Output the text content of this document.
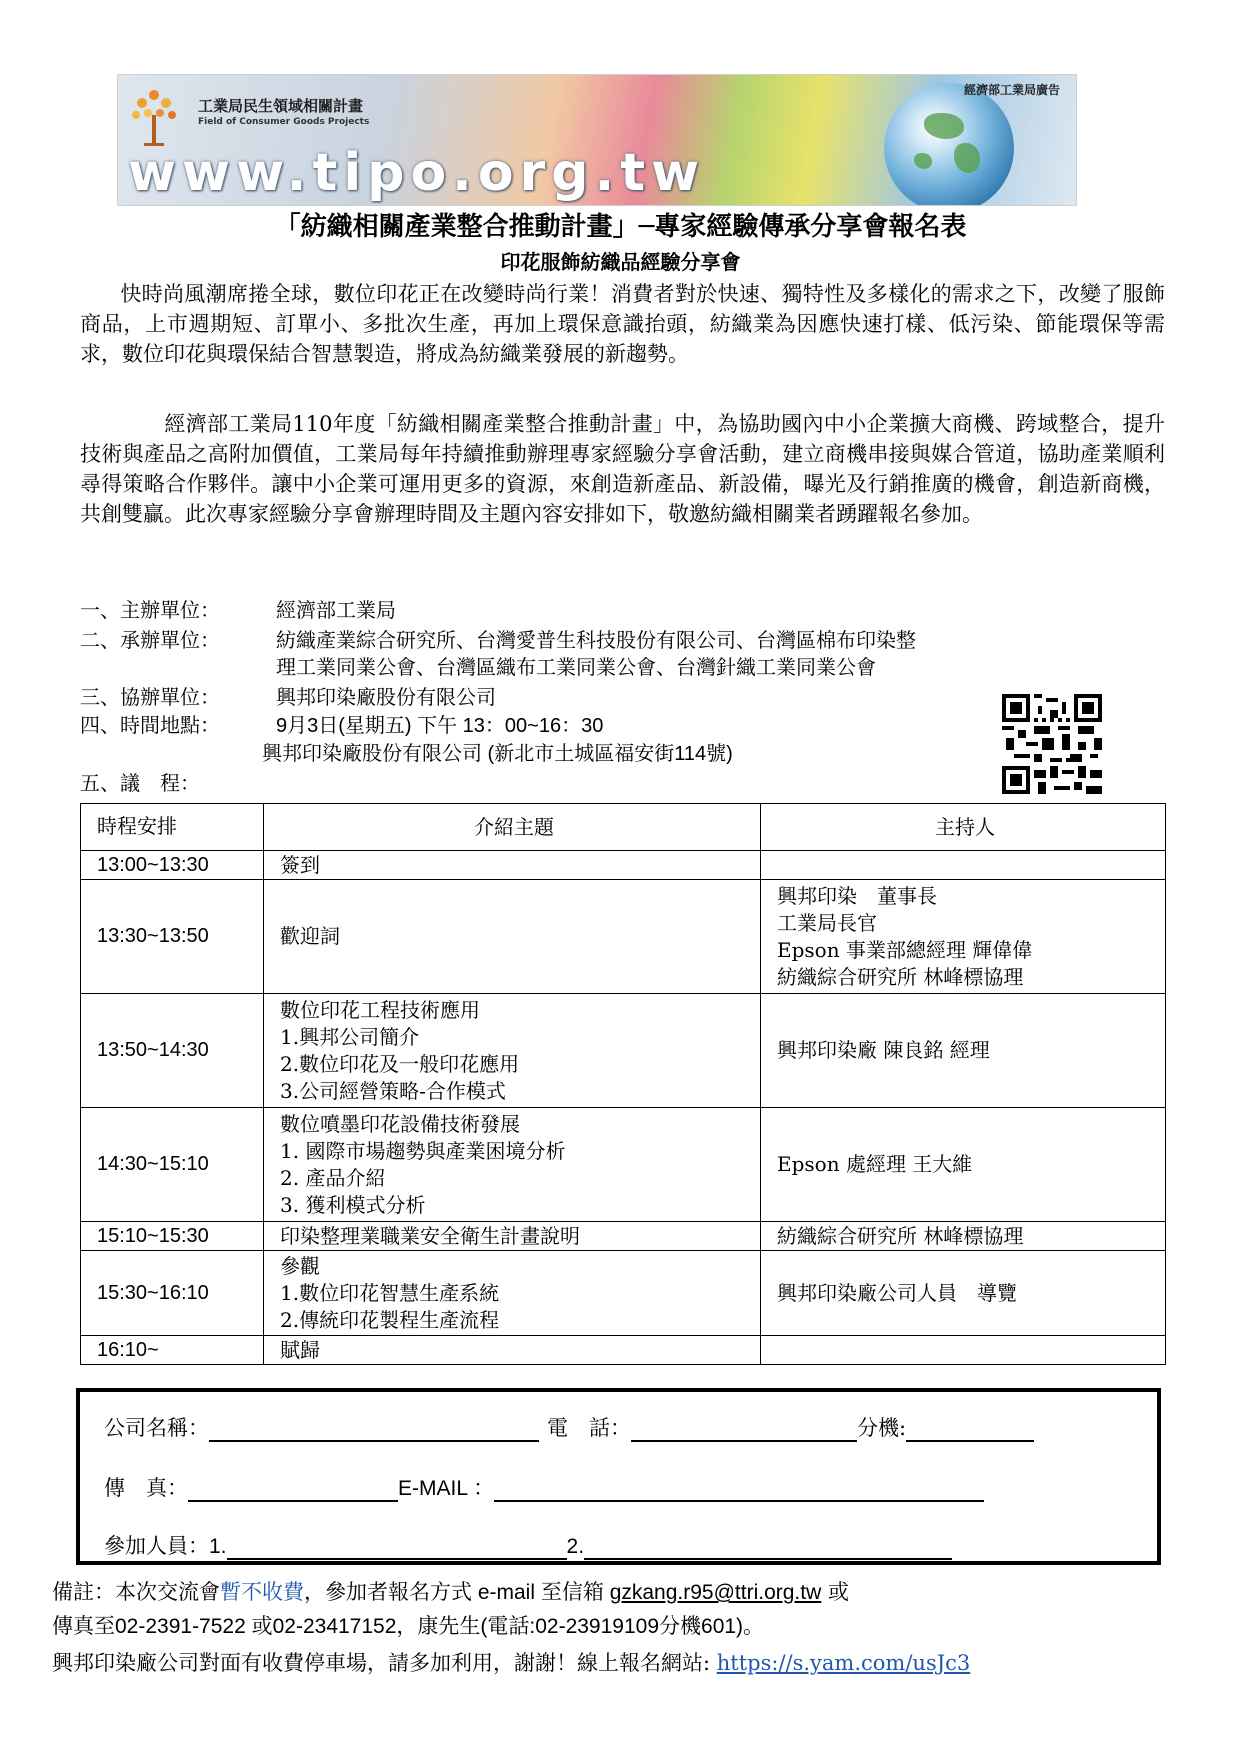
工業局民生領域相關計畫
Field of Consumer Goods Projects
www.tipo.org.tw
經濟部工業局廣告
「紡織相關產業整合推動計畫」─專家經驗傳承分享會報名表
印花服飾紡織品經驗分享會
快時尚風潮席捲全球，數位印花正在改變時尚行業！消費者對於快速、獨特性及多樣化的需求之下，改變了服飾商品，上市週期短、訂單小、多批次生產，再加上環保意識抬頭，紡織業為因應快速打樣、低污染、節能環保等需求，數位印花與環保結合智慧製造，將成為紡織業發展的新趨勢。
經濟部工業局110年度「紡織相關產業整合推動計畫」中，為協助國內中小企業擴大商機、跨域整合，提升技術與產品之高附加價值，工業局每年持續推動辦理專家經驗分享會活動，建立商機串接與媒合管道，協助產業順利尋得策略合作夥伴。讓中小企業可運用更多的資源，來創造新產品、新設備，曝光及行銷推廣的機會，創造新商機，共創雙贏。此次專家經驗分享會辦理時間及主題內容安排如下，敬邀紡織相關業者踴躍報名參加。
一、主辦單位：	經濟部工業局
二、承辦單位：	紡織產業綜合研究所、台灣愛普生科技股份有限公司、台灣區棉布印染整
理工業同業公會、台灣區織布工業同業公會、台灣針織工業同業公會
三、協辦單位：	興邦印染廠股份有限公司
四、時間地點：	9月3日(星期五) 下午 13：00~16：30
興邦印染廠股份有限公司 (新北市土城區福安街114號)
五、議　程：
時程安排	介紹主題	主持人
13:00~13:30	簽到	
13:30~13:50	歡迎詞	興邦印染　董事長
工業局長官
Epson 事業部總經理 輝偉偉
紡織綜合研究所 林峰標協理

13:50~14:30	數位印花工程技術應用
1.興邦公司簡介
2.數位印花及一般印花應用
3.公司經營策略-合作模式	興邦印染廠 陳良銘 經理
14:30~15:10	數位噴墨印花設備技術發展
1. 國際市場趨勢與產業困境分析
2. 產品介紹
3. 獲利模式分析	Epson 處經理 王大維
15:10~15:30	印染整理業職業安全衛生計畫說明	紡織綜合研究所 林峰標協理
15:30~16:10	參觀
1.數位印花智慧生產系統
2.傳統印花製程生產流程	興邦印染廠公司人員　導覽
16:10~	賦歸	
公司名稱：	電　話：	分機:
傳　真：	E-MAIL ：
參加人員：1.	2.
備註：本次交流會暫不收費，參加者報名方式 e-mail 至信箱 gzkang.r95@ttri.org.tw 或
傳真至02-2391-7522 或02-23417152，康先生(電話:02-23919109分機601)。
興邦印染廠公司對面有收費停車場，請多加利用，謝謝！線上報名網站: https://s.yam.com/usJc3
